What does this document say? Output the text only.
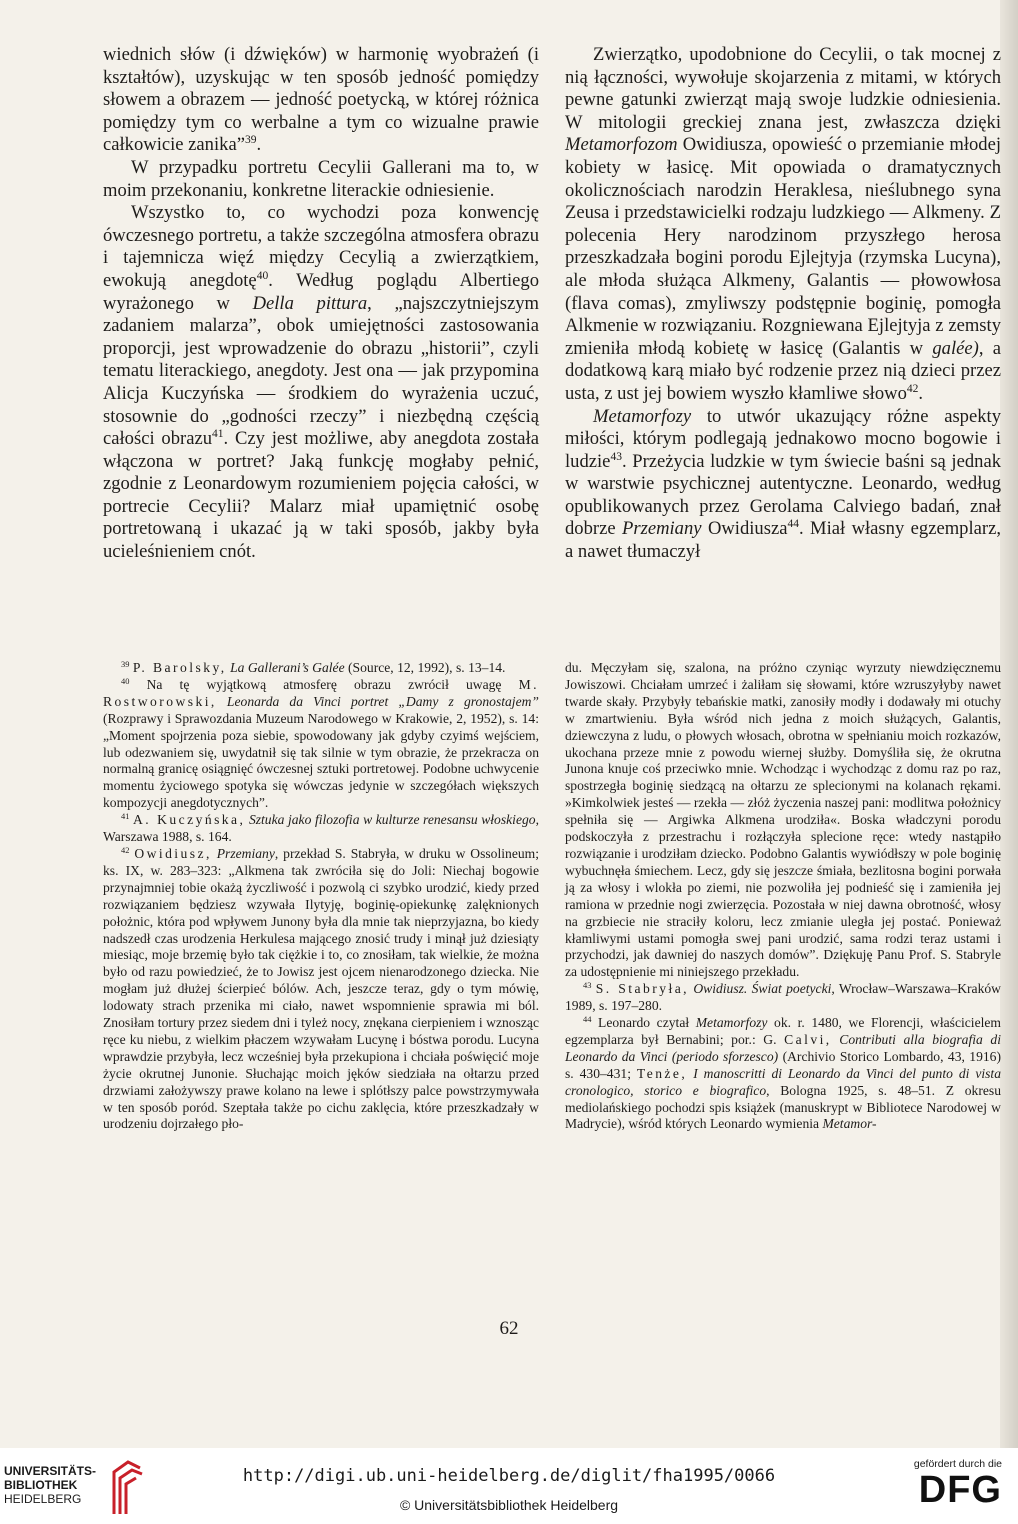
wiednich słów (i dźwięków) w harmonię wyobrażeń (i kształtów), uzyskując w ten sposób jedność pomiędzy słowem a obrazem — jedność poetycką, w której różnica pomiędzy tym co werbalne a tym co wizualne prawie całkowicie zanika”$^{39}$.

W przypadku portretu Cecylii Gallerani ma to, w moim przekonaniu, konkretne literackie odniesienie.

Wszystko to, co wychodzi poza konwencję ówczesnego portretu, a także szczególna atmosfera obrazu i tajemnicza więź między Cecylią a zwierzątkiem, ewokują anegdotę$^{40}$. Według poglądu Albertiego wyrażonego w Della pittura, „najszczytniejszym zadaniem malarza”, obok umiejętności zastosowania proporcji, jest wprowadzenie do obrazu „historii”, czyli tematu literackiego, anegdoty. Jest ona — jak przypomina Alicja Kuczyńska — środkiem do wyrażenia uczuć, stosownie do „godności rzeczy” i niezbędną częścią całości obrazu$^{41}$. Czy jest możliwe, aby anegdota została włączona w portret? Jaką funkcję mogłaby pełnić, zgodnie z Leonardowym rozumieniem pojęcia całości, w portrecie Cecylii? Malarz miał upamiętnić osobę portretowaną i ukazać ją w taki sposób, jakby była ucieleśnieniem cnót.

Zwierzątko, upodobnione do Cecylii, o tak mocnej z nią łączności, wywołuje skojarzenia z mitami, w których pewne gatunki zwierząt mają swoje ludzkie odniesienia. W mitologii greckiej znana jest, zwłaszcza dzięki Metamorfozom Owidiusza, opowieść o przemianie młodej kobiety w łasicę. Mit opowiada o dramatycznych okolicznościach narodzin Heraklesa, nieślubnego syna Zeusa i przedstawicielki rodzaju ludzkiego — Alkmeny. Z polecenia Hery narodzinom przyszłego herosa przeszkadzała bogini porodu Ejlejtyja (rzymska Lucyna), ale młoda służąca Alkmeny, Galantis — płowowłosa (flava comas), zmyliwszy podstępnie boginię, pomogła Alkmenie w rozwiązaniu. Rozgniewana Ejlejtyja z zemsty zmieniła młodą kobietę w łasicę (Galantis w galée), a dodatkową karą miało być rodzenie przez nią dzieci przez usta, z ust jej bowiem wyszło kłamliwe słowo$^{42}$.

Metamorfozy to utwór ukazujący różne aspekty miłości, którym podlegają jednakowo mocno bogowie i ludzie$^{43}$. Przeżycia ludzkie w tym świecie baśni są jednak w warstwie psychicznej autentyczne. Leonardo, według opublikowanych przez Gerolama Calviego badań, znał dobrze Przemiany Owidiusza$^{44}$. Miał własny egzemplarz, a nawet tłumaczył

$^{39}$ P. Barolsky, La Gallerani’s Galée (Source, 12, 1992), s. 13–14.

$^{40}$ Na tę wyjątkową atmosferę obrazu zwrócił uwagę M. Rostworowski, Leonarda da Vinci portret „Damy z gronostajem” (Rozprawy i Sprawozdania Muzeum Narodowego w Krakowie, 2, 1952), s. 14: „Moment spojrzenia poza siebie, spowodowany jak gdyby czyimś wejściem, lub odezwaniem się, uwydatnił się tak silnie w tym obrazie, że przekracza on normalną granicę osiągnięć ówczesnej sztuki portretowej. Podobne uchwycenie momentu życiowego spotyka się wówczas jedynie w szczegółach większych kompozycji anegdotycznych”.

$^{41}$ A. Kuczyńska, Sztuka jako filozofia w kulturze renesansu włoskiego, Warszawa 1988, s. 164.

$^{42}$ Owidiusz, Przemiany, przekład S. Stabryła, w druku w Ossolineum; ks. IX, w. 283–323: „Alkmena tak zwróciła się do Joli: Niechaj bogowie przynajmniej tobie okażą życzliwość i pozwolą ci szybko urodzić, kiedy przed rozwiązaniem będziesz wzywała Ilytyję, boginię-opiekunkę zalęknionych położnic, która pod wpływem Junony była dla mnie tak nieprzyjazna, bo kiedy nadszedł czas urodzenia Herkulesa mającego znosić trudy i minął już dziesiąty miesiąc, moje brzemię było tak ciężkie i to, co znosiłam, tak wielkie, że można było od razu powiedzieć, że to Jowisz jest ojcem nienarodzonego dziecka. Nie mogłam już dłużej ścierpieć bólów. Ach, jeszcze teraz, gdy o tym mówię, lodowaty strach przenika mi ciało, nawet wspomnienie sprawia mi ból. Znosiłam tortury przez siedem dni i tyleż nocy, znękana cierpieniem i wznosząc ręce ku niebu, z wielkim płaczem wzywałam Lucynę i bóstwa porodu. Lucyna wprawdzie przybyła, lecz wcześniej była przekupiona i chciała poświęcić moje życie okrutnej Junonie. Słuchając moich jęków siedziała na ołtarzu przed drzwiami założywszy prawe kolano na lewe i splótłszy palce powstrzymywała w ten sposób poród. Szeptała także po cichu zaklęcia, które przeszkadzały w urodzeniu dojrzałego pło-

du. Męczyłam się, szalona, na próżno czyniąc wyrzuty niewdzięcznemu Jowiszowi. Chciałam umrzeć i żaliłam się słowami, które wzruszyłyby nawet twarde skały. Przybyły tebańskie matki, zanosiły modły i dodawały mi otuchy w zmartwieniu. Była wśród nich jedna z moich służących, Galantis, dziewczyna z ludu, o płowych włosach, obrotna w spełnianiu moich rozkazów, ukochana przeze mnie z powodu wiernej służby. Domyśliła się, że okrutna Junona knuje coś przeciwko mnie. Wchodząc i wychodząc z domu raz po raz, spostrzegła boginię siedzącą na ołtarzu ze splecionymi na kolanach rękami. »Kimkolwiek jesteś — rzekła — złóż życzenia naszej pani: modlitwa położnicy spełniła się — Argiwka Alkmena urodziła«. Boska władczyni porodu podskoczyła z przestrachu i rozłączyła splecione ręce: wtedy nastąpiło rozwiązanie i urodziłam dziecko. Podobno Galantis wywiódłszy w pole boginię wybuchnęła śmiechem. Lecz, gdy się jeszcze śmiała, bezlitosna bogini porwała ją za włosy i wlokła po ziemi, nie pozwoliła jej podnieść się i zamieniła jej ramiona w przednie nogi zwierzęcia. Pozostała w niej dawna obrotność, włosy na grzbiecie nie straciły koloru, lecz zmianie uległa jej postać. Ponieważ kłamliwymi ustami pomogła swej pani urodzić, sama rodzi teraz ustami i przychodzi, jak dawniej do naszych domów”. Dziękuję Panu Prof. S. Stabryle za udostępnienie mi niniejszego przekładu.

$^{43}$ S. Stabryła, Owidiusz. Świat poetycki, Wrocław–Warszawa–Kraków 1989, s. 197–280.

$^{44}$ Leonardo czytał Metamorfozy ok. r. 1480, we Florencji, właścicielem egzemplarza był Bernabini; por.: G. Calvi, Contributi alla biografia di Leonardo da Vinci (periodo sforzesco) (Archivio Storico Lombardo, 43, 1916) s. 430–431; Tenże, I manoscritti di Leonardo da Vinci del punto di vista cronologico, storico e biografico, Bologna 1925, s. 48–51. Z okresu mediolańskiego pochodzi spis książek (manuskrypt w Bibliotece Narodowej w Madrycie), wśród których Leonardo wymienia Metamor-

62
UNIVERSITÄTS-
BIBLIOTHEK
HEIDELBERG
http://digi.ub.uni-heidelberg.de/diglit/fha1995/0066
© Universitätsbibliothek Heidelberg
gefördert durch die
DFG
